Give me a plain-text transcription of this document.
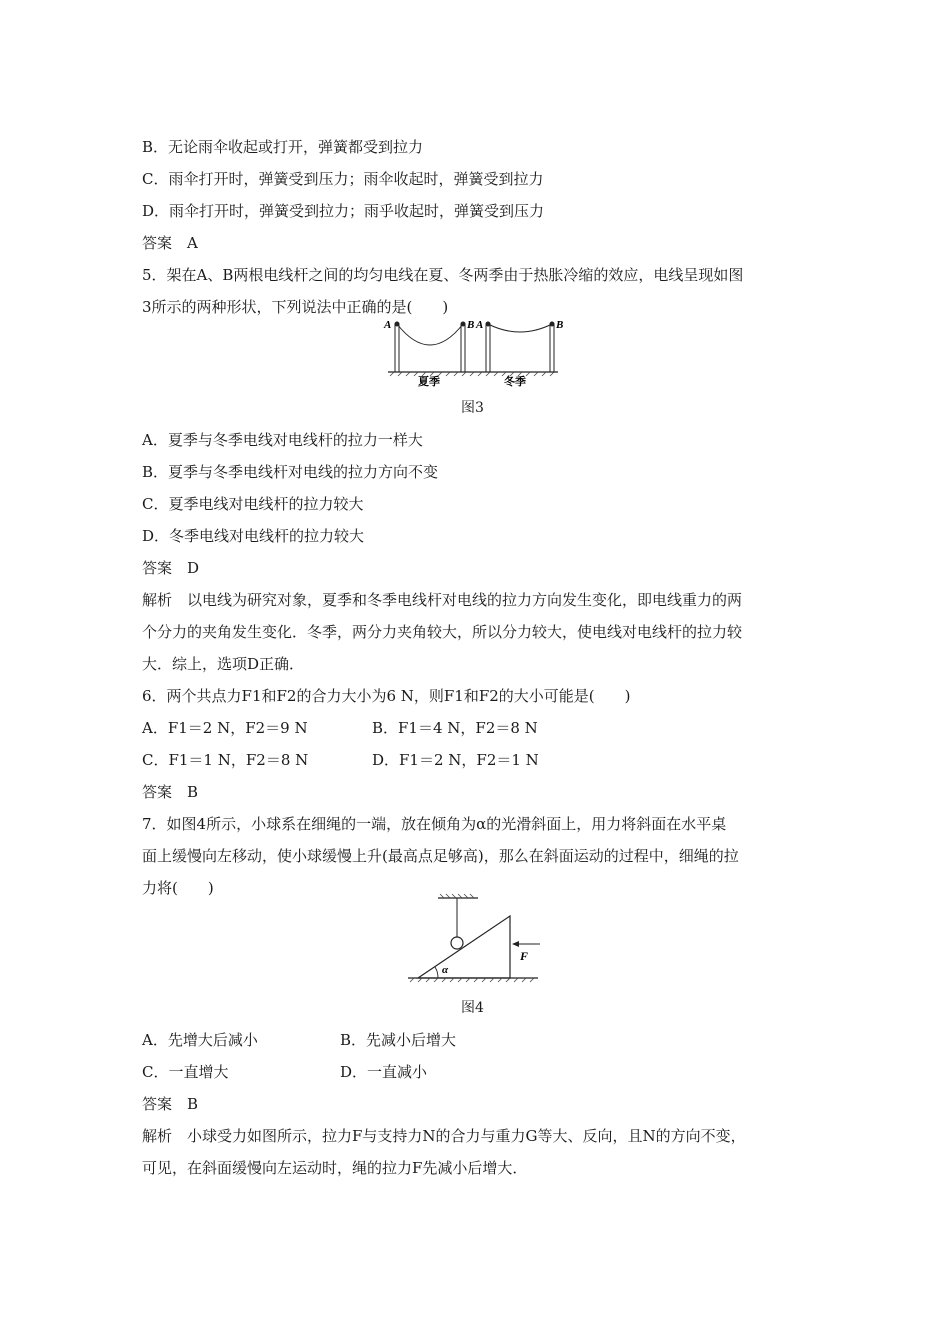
B．无论雨伞收起或打开，弹簧都受到拉力
C．雨伞打开时，弹簧受到压力；雨伞收起时，弹簧受到拉力
D．雨伞打开时，弹簧受到拉力；雨乎收起时，弹簧受到压力
答案　A
5．架在A、B两根电线杆之间的均匀电线在夏、冬两季由于热胀冷缩的效应，电线呈现如图
3所示的两种形状，下列说法中正确的是(　　)
A	B A	B
夏季	冬季
图3
A．夏季与冬季电线对电线杆的拉力一样大
B．夏季与冬季电线杆对电线的拉力方向不变
C．夏季电线对电线杆的拉力较大
D．冬季电线对电线杆的拉力较大
答案　D
解析　以电线为研究对象，夏季和冬季电线杆对电线的拉力方向发生变化，即电线重力的两
个分力的夹角发生变化．冬季，两分力夹角较大，所以分力较大，使电线对电线杆的拉力较
大．综上，选项D正确．
6．两个共点力F1和F2的合力大小为6 N，则F1和F2的大小可能是(　　)
A．F1＝2 N，F2＝9 N	B．F1＝4 N，F2＝8 N
C．F1＝1 N，F2＝8 N	D．F1＝2 N，F2＝1 N
答案　B
7．如图4所示，小球系在细绳的一端，放在倾角为α的光滑斜面上，用力将斜面在水平桌
面上缓慢向左移动，使小球缓慢上升(最高点足够高)，那么在斜面运动的过程中，细绳的拉
力将(　　)
α
F
图4
A．先增大后减小	B．先减小后增大
C．一直增大	D．一直减小
答案　B
解析　小球受力如图所示，拉力F与支持力N的合力与重力G等大、反向，且N的方向不变，
可见，在斜面缓慢向左运动时，绳的拉力F先减小后增大．
